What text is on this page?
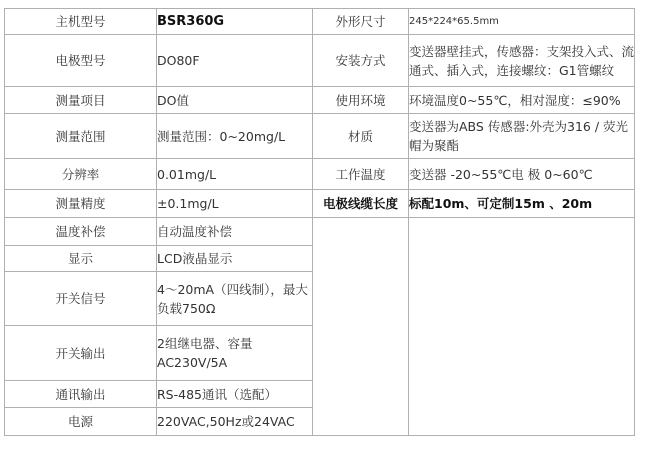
主机型号	BSR360G	外形尺寸	245*224*65.5mm
电极型号	DO80F	安装方式	变送器壁挂式，传感器：支架投入式、流通式、插入式，连接螺纹：G1管螺纹
测量项目	DO值	使用环境	环境温度0~55℃，相对湿度：≤90%
测量范围	测量范围：0~20mg/L	材质	变送器为ABS 传感器:外壳为316 / 荧光帽为聚酯
分辨率	0.01mg/L	工作温度	变送器 -20~55℃电 极 0~60℃
测量精度	±0.1mg/L	电极线缆长度	标配10m、可定制15m 、20m
温度补偿	自动温度补偿		
显示	LCD液晶显示		
开关信号	4～20mA（四线制），最大负载750Ω		
开关输出	2组继电器、容量AC230V/5A		
通讯输出	RS-485通讯（选配）		
电源	220VAC,50Hz或24VAC		
